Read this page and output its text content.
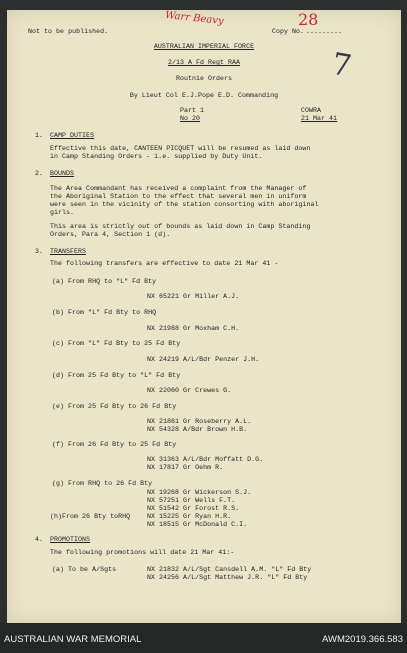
Not to be published.	Copy No. .........
Warr Beavy	28
7
AUSTRALIAN IMPERIAL FORCE
2/13 A Fd Regt RAA
Routnie Orders
By Lieut Col E.J.Pope E.D. Commanding
Part 1
No 20
COWRA
21 Mar 41
1. CAMP DUTIES
Effective this date, CANTEEN PICQUET will be resumed as laid down
in Camp Standing Orders - i.e. supplied by Duty Unit.
2. BOUNDS
The Area Commandant has received a complaint from the Manager of
the Aboriginal Station to the effect that several men in uniform
were seen in the vicinity of the station consorting with aboriginal
girls.
This area is strictly out of bounds as laid down in Camp Standing
Orders, Para 4, Section 1 (d).
3. TRANSFERS
The following transfers are effective to date 21 Mar 41 -
(a) From RHQ to "L" Fd Bty
NX 65221 Gr Miller A.J.
(b) From "L" Fd Bty to RHQ
NX 21988 Gr Moxham C.H.
(c) From "L" Fd Bty to 25 Fd Bty
NX 24219 A/L/Bdr Penzer J.H.
(d) From 25 Fd Bty to "L" Fd Bty
NX 22060 Gr Crewes G.
(e) From 25 Fd Bty to 26 Fd Bty
NX 21861 Gr Roseberry A.L.
NX 54328 A/Bdr Brown H.B.
(f) From 26 Fd Bty to 25 Fd Bty
NX 31363 A/L/Bdr Moffatt D.G.
NX 17817 Gr Oehm R.
(g) From RHQ to 26 Fd Bty
NX 19268 Gr Wickerson S.J.
NX 57251 Gr Wells F.T.
NX 51542 Gr Forost R.S.
(h)From 26 Bty toRHQ	NX 15225 Gr Ryan H.R.
NX 18515 Gr McDonald C.I.
4. PROMOTIONS
The following promotions will date 21 Mar 41:-
(a) To be A/Sgts	NX 21832 A/L/Sgt Cansdell A.M. "L" Fd Bty
NX 24256 A/L/Sgt Matthew J.R. "L" Fd Bty
AUSTRALIAN WAR MEMORIAL	AWM2019.366.583
